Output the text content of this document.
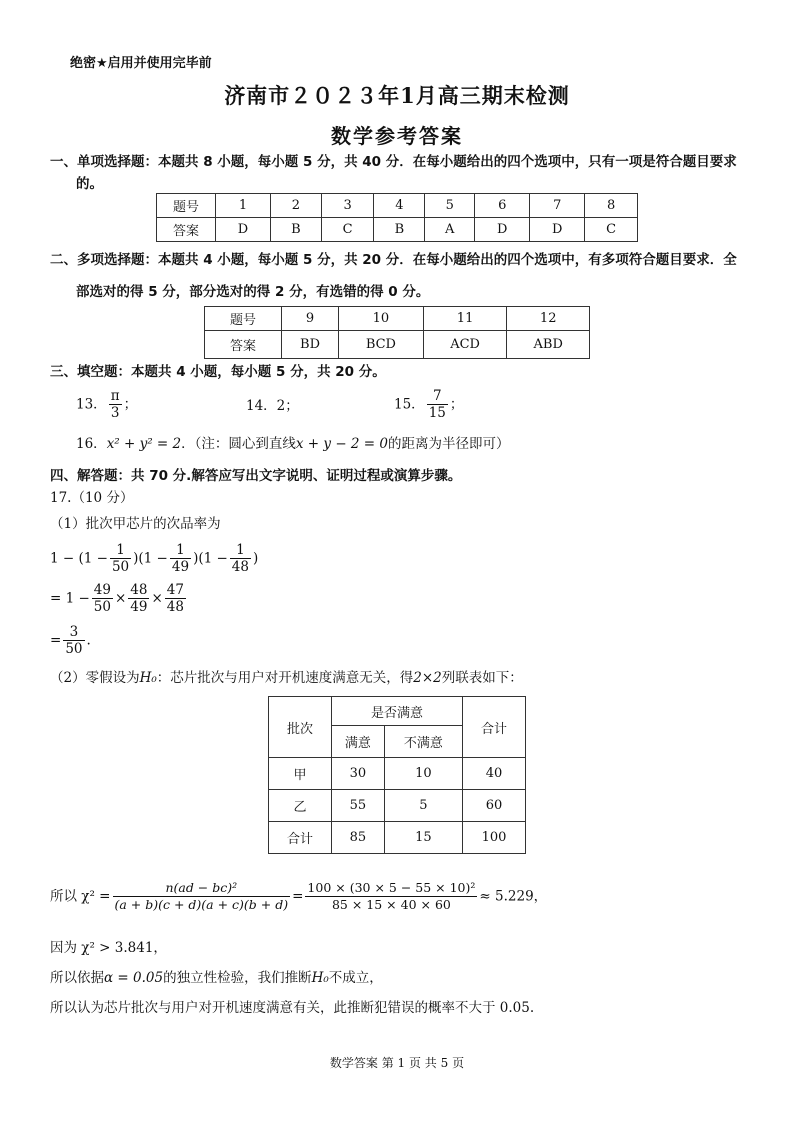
绝密★启用并使用完毕前
济南市２０２３年1月高三期末检测
数学参考答案
一、单项选择题：本题共 8 小题，每小题 5 分，共 40 分．在每小题给出的四个选项中，只有一项是符合题目要求
的。
题号	1	2	3	4	5	6	7	8
答案	D	B	C	B	A	D	D	C
二、多项选择题：本题共 4 小题，每小题 5 分，共 20 分．在每小题给出的四个选项中，有多项符合题目要求．全
部选对的得 5 分，部分选对的得 2 分，有选错的得 0 分。
题号	9	10	11	12
答案	BD	BCD	ACD	ABD
三、填空题：本题共 4 小题，每小题 5 分，共 20 分。
13． $\frac{\pi}{3}$ ；	14．2；	15． $\frac{7}{15}$ ；
16．x² + y² = 2．（注：圆心到直线x + y − 2 = 0的距离为半径即可）
四、解答题：共 70 分.解答应写出文字说明、证明过程或演算步骤。
17.（10 分）
（1）批次甲芯片的次品率为
$1 - (1 - \frac{1}{50} )(1 - \frac{1}{49} )(1 - \frac{1}{48}$ )
= $1 - \frac{49}{50} \times \frac{48}{49} \times \frac{47}{48}$
= $\frac{3}{50}$ .
（2）零假设为H₀：芯片批次与用户对开机速度满意无关，得2×2列联表如下：
批次	是否满意		合计
	满意	不满意	
甲	30	10	40
乙	55	5	60
合计	85	15	100
所以 $\chi^2 = \frac{\text{n(ad − bc)²}}{(a + b)(c + d)(a + c)(b + d)} = \frac{\text{100 × (30 × 5 − 55 × 10)²}}{85 \times 15 \times 40 \times 60} \approx 5.229$，
因为 χ² > 3.841，
所以依据α = 0.05的独立性检验，我们推断H₀不成立，
所以认为芯片批次与用户对开机速度满意有关，此推断犯错误的概率不大于 0.05.
数学答案 第 1 页 共 5 页
